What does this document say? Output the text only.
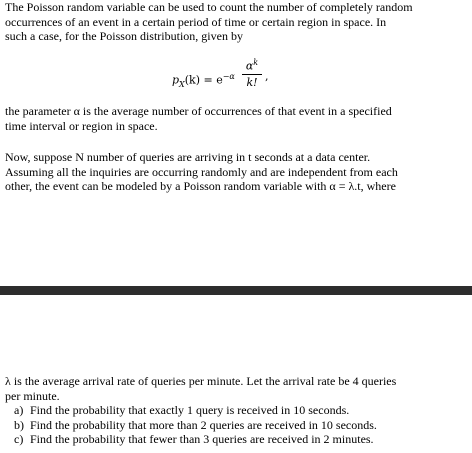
The Poisson random variable can be used to count the number of completely random
occurrences of an event in a certain period of time or certain region in space. In
such a case, for the Poisson distribution, given by
$p_X(k) = e^{-\alpha}$
$\alpha^k$
k! ,
the parameter α is the average number of occurrences of that event in a specified
time interval or region in space.
Now, suppose N number of queries are arriving in t seconds at a data center.
Assuming all the inquiries are occurring randomly and are independent from each
other, the event can be modeled by a Poisson random variable with α = λ.t, where
λ is the average arrival rate of queries per minute. Let the arrival rate be 4 queries
per minute.
a) Find the probability that exactly 1 query is received in 10 seconds.
b) Find the probability that more than 2 queries are received in 10 seconds.
c) Find the probability that fewer than 3 queries are received in 2 minutes.
